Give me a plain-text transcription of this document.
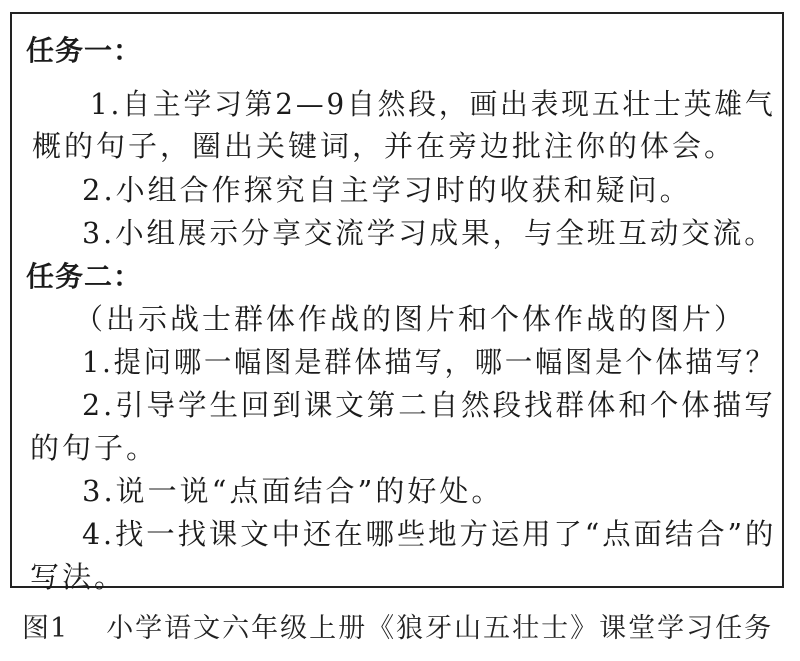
任务一：
1.自主学习第2—9自然段，画出表现五壮士英雄气
概的句子，圈出关键词，并在旁边批注你的体会。
2.小组合作探究自主学习时的收获和疑问。
3.小组展示分享交流学习成果，与全班互动交流。
任务二：
（出示战士群体作战的图片和个体作战的图片）
1.提问哪一幅图是群体描写，哪一幅图是个体描写？
2.引导学生回到课文第二自然段找群体和个体描写
的句子。
3.说一说“点面结合”的好处。
4.找一找课文中还在哪些地方运用了“点面结合”的
写法。
图1 小学语文六年级上册《狼牙山五壮士》课堂学习任务
